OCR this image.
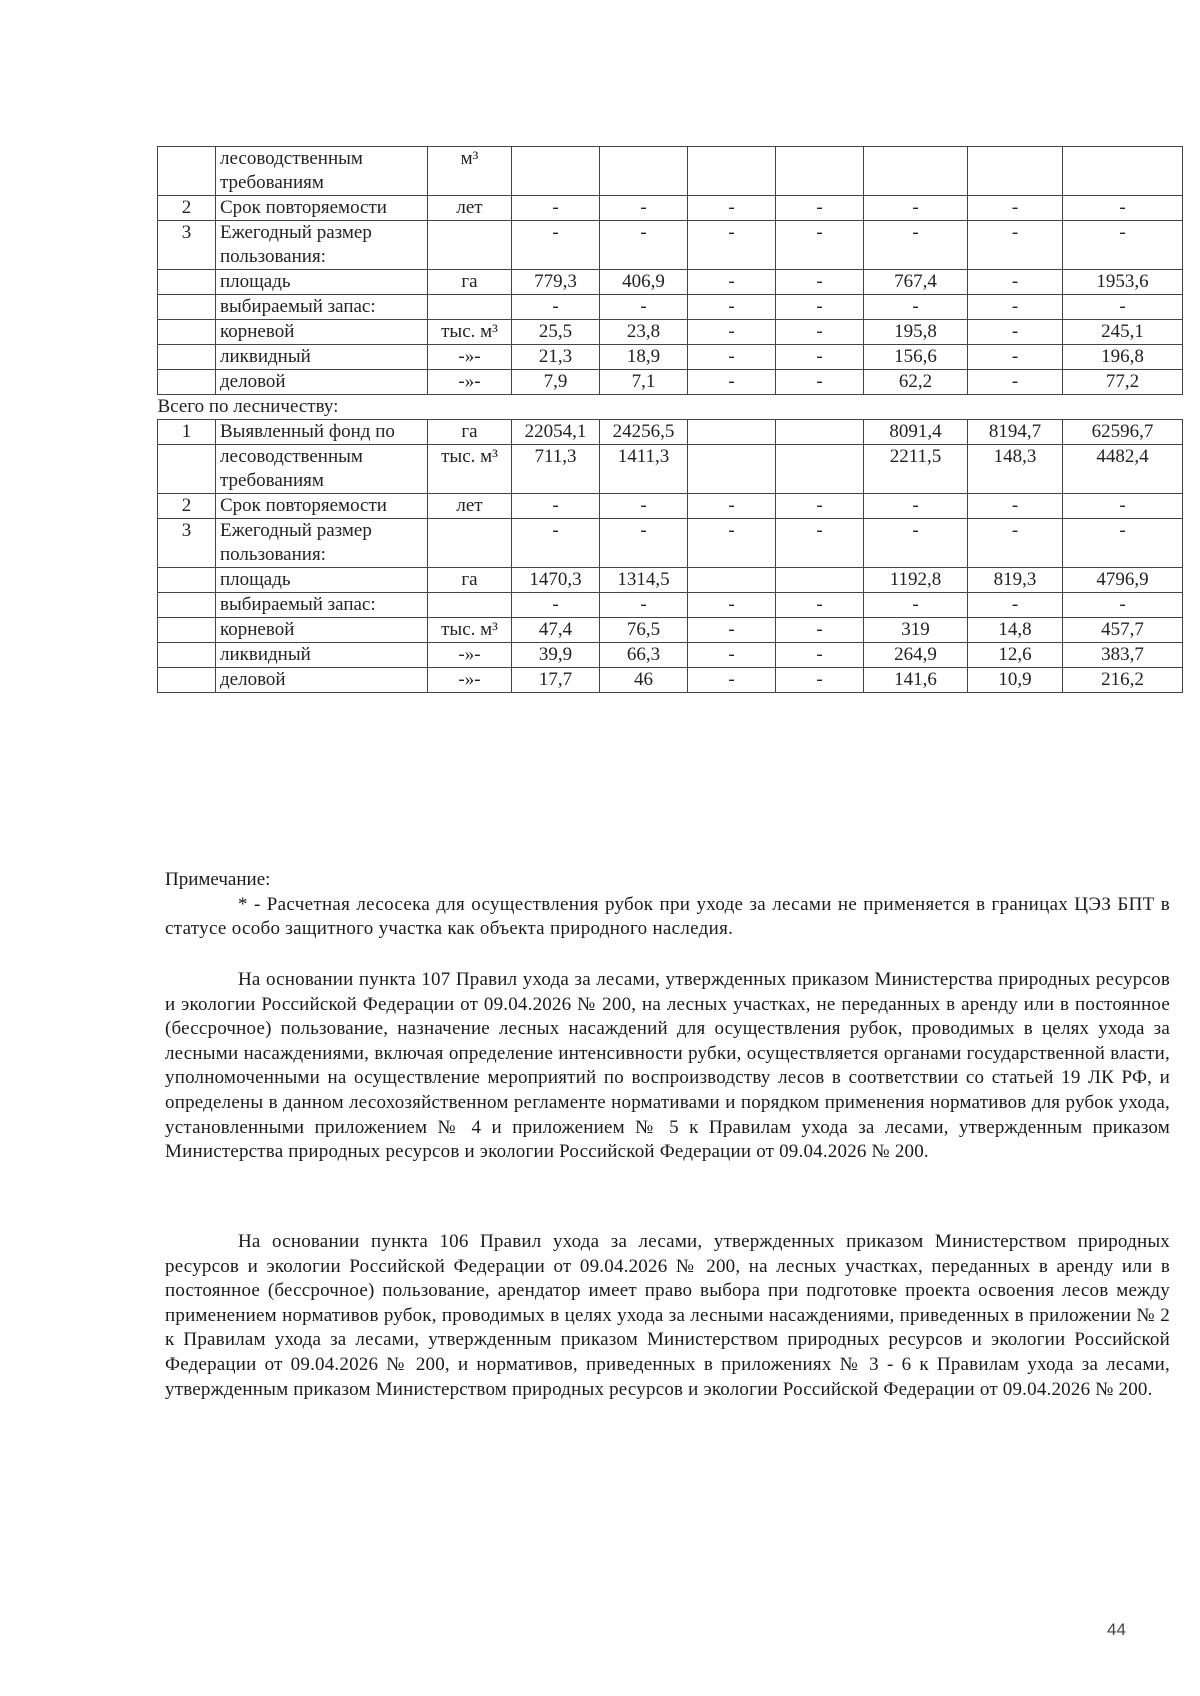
	лесоводственным требованиям	м³							
2	Срок повторяемости	лет	-	-	-	-	-	-	-
3	Ежегодный размер пользования:		-	-	-	-	-	-	-
	площадь	га	779,3	406,9	-	-	767,4	-	1953,6
	выбираемый запас:		-	-	-	-	-	-	-
	корневой	тыс. м³	25,5	23,8	-	-	195,8	-	245,1
	ликвидный	-»-	21,3	18,9	-	-	156,6	-	196,8
	деловой	-»-	7,9	7,1	-	-	62,2	-	77,2
Всего по лесничеству:									
1	Выявленный фонд по	га	22054,1	24256,5			8091,4	8194,7	62596,7
	лесоводственным требованиям	тыс. м³	711,3	1411,3			2211,5	148,3	4482,4
2	Срок повторяемости	лет	-	-	-	-	-	-	-
3	Ежегодный размер пользования:		-	-	-	-	-	-	-
	площадь	га	1470,3	1314,5			1192,8	819,3	4796,9
	выбираемый запас:		-	-	-	-	-	-	-
	корневой	тыс. м³	47,4	76,5	-	-	319	14,8	457,7
	ликвидный	-»-	39,9	66,3	-	-	264,9	12,6	383,7
	деловой	-»-	17,7	46	-	-	141,6	10,9	216,2
Примечание:
* - Расчетная лесосека для осуществления рубок при уходе за лесами не применяется в границах ЦЭЗ БПТ в статусе особо защитного участка как объекта природного наследия.
На основании пункта 107 Правил ухода за лесами, утвержденных приказом Министерства природных ресурсов и экологии Российской Федерации от 09.04.2026 № 200, на лесных участках, не переданных в аренду или в постоянное (бессрочное) пользование, назначение лесных насаждений для осуществления рубок, проводимых в целях ухода за лесными насаждениями, включая определение интенсивности рубки, осуществляется органами государственной власти, уполномоченными на осуществление мероприятий по воспроизводству лесов в соответствии со статьей 19 ЛК РФ, и определены в данном лесохозяйственном регламенте нормативами и порядком применения нормативов для рубок ухода, установленными приложением № 4 и приложением № 5 к Правилам ухода за лесами, утвержденным приказом Министерства природных ресурсов и экологии Российской Федерации от 09.04.2026 № 200.
На основании пункта 106 Правил ухода за лесами, утвержденных приказом Министерством природных ресурсов и экологии Российской Федерации от 09.04.2026 № 200, на лесных участках, переданных в аренду или в постоянное (бессрочное) пользование, арендатор имеет право выбора при подготовке проекта освоения лесов между применением нормативов рубок, проводимых в целях ухода за лесными насаждениями, приведенных в приложении № 2 к Правилам ухода за лесами, утвержденным приказом Министерством природных ресурсов и экологии Российской Федерации от 09.04.2026 № 200, и нормативов, приведенных в приложениях № 3 - 6 к Правилам ухода за лесами, утвержденным приказом Министерством природных ресурсов и экологии Российской Федерации от 09.04.2026 № 200.
44
